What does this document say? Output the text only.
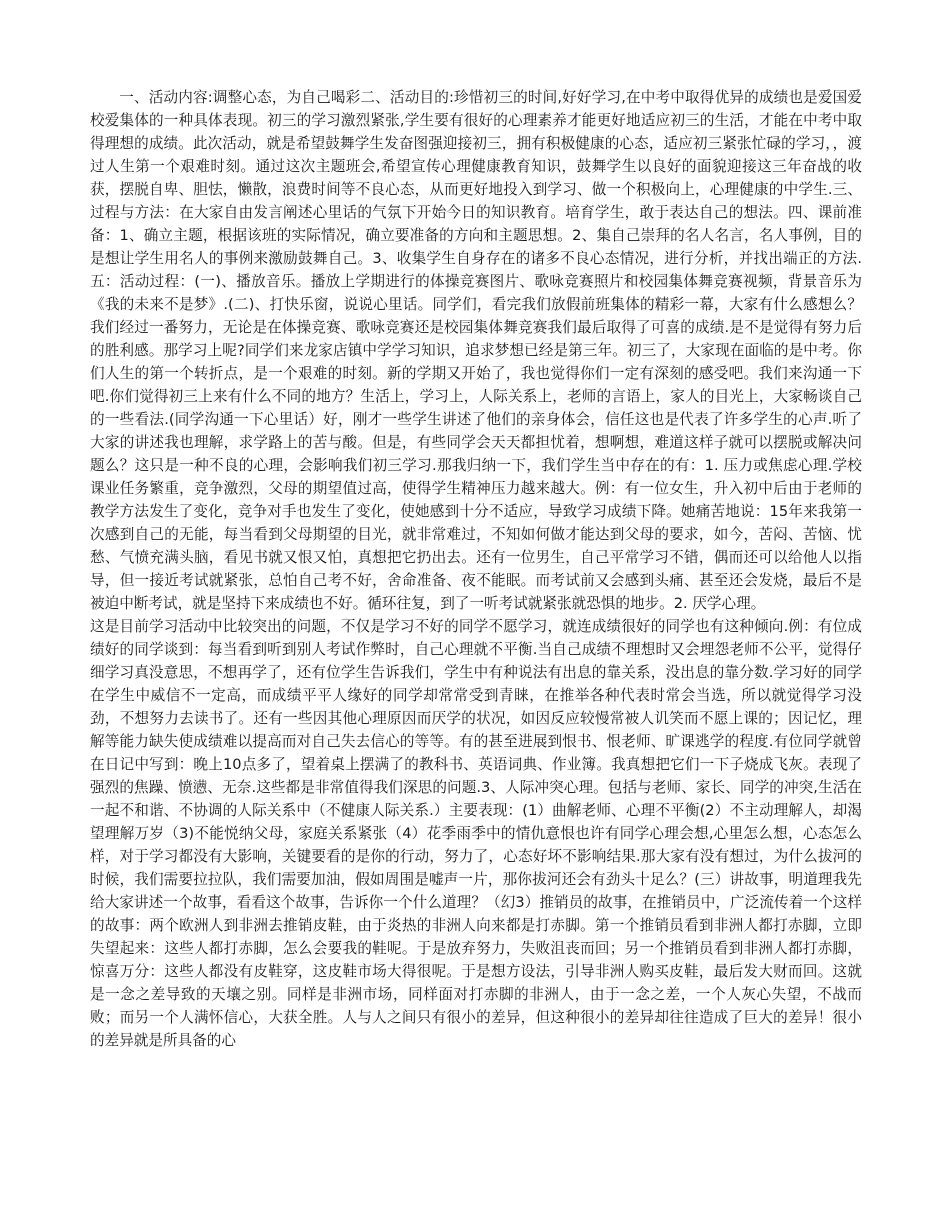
一、活动内容:调整心态，为自己喝彩二、活动目的:珍惜初三的时间,好好学习,在中考中取得优异的成绩也是爱国爱校爱集体的一种具体表现。初三的学习激烈紧张,学生要有很好的心理素养才能更好地适应初三的生活，才能在中考中取得理想的成绩。此次活动，就是希望鼓舞学生发奋图强迎接初三，拥有积极健康的心态，适应初三紧张忙碌的学习，，渡过人生第一个艰难时刻。通过这次主题班会,希望宣传心理健康教育知识，鼓舞学生以良好的面貌迎接这三年奋战的收获，摆脱自卑、胆怯，懒散，浪费时间等不良心态，从而更好地投入到学习、做一个积极向上，心理健康的中学生.三、过程与方法：在大家自由发言阐述心里话的气氛下开始今日的知识教育。培育学生，敢于表达自己的想法。四、课前准备：1、确立主题，根据该班的实际情况，确立要准备的方向和主题思想。2、集自己崇拜的名人名言，名人事例，目的是想让学生用名人的事例来激励鼓舞自己。3、收集学生自身存在的诸多不良心态情况，进行分析，并找出端正的方法.五：活动过程：(一)、播放音乐。播放上学期进行的体操竞赛图片、歌咏竞赛照片和校园集体舞竞赛视频，背景音乐为《我的未来不是梦》.(二)、打快乐窗，说说心里话。同学们，看完我们放假前班集体的精彩一幕，大家有什么感想么？我们经过一番努力，无论是在体操竞赛、歌咏竞赛还是校园集体舞竞赛我们最后取得了可喜的成绩.是不是觉得有努力后的胜利感。那学习上呢?同学们来龙家店镇中学学习知识，追求梦想已经是第三年。初三了，大家现在面临的是中考。你们人生的第一个转折点，是一个艰难的时刻。新的学期又开始了，我也觉得你们一定有深刻的感受吧。我们来沟通一下吧.你们觉得初三上来有什么不同的地方？生活上，学习上，人际关系上，老师的言语上，家人的目光上，大家畅谈自己的一些看法.(同学沟通一下心里话）好，刚才一些学生讲述了他们的亲身体会，信任这也是代表了许多学生的心声.听了大家的讲述我也理解，求学路上的苦与酸。但是，有些同学会天天都担忧着，想啊想，难道这样子就可以摆脱或解决问题么？这只是一种不良的心理，会影响我们初三学习.那我归纳一下，我们学生当中存在的有：1. 压力或焦虑心理.学校课业任务繁重，竞争激烈，父母的期望值过高，使得学生精神压力越来越大。例：有一位女生，升入初中后由于老师的教学方法发生了变化，竞争对手也发生了变化，使她感到十分不适应，导致学习成绩下降。她痛苦地说：15年来我第一次感到自己的无能，每当看到父母期望的目光，就非常难过，不知如何做才能达到父母的要求，如今，苦闷、苦恼、忧愁、气愤充满头脑，看见书就又恨又怕，真想把它扔出去。还有一位男生，自己平常学习不错，偶而还可以给他人以指导，但一接近考试就紧张，总怕自己考不好，舍命准备、夜不能眠。而考试前又会感到头痛、甚至还会发烧，最后不是被迫中断考试，就是坚持下来成绩也不好。循环往复，到了一听考试就紧张就恐惧的地步。2. 厌学心理。

这是目前学习活动中比较突出的问题，不仅是学习不好的同学不愿学习，就连成绩很好的同学也有这种倾向.例：有位成绩好的同学谈到：每当看到听到别人考试作弊时，自己心理就不平衡.当自己成绩不理想时又会埋怨老师不公平，觉得仔细学习真没意思，不想再学了，还有位学生告诉我们，学生中有种说法有出息的靠关系，没出息的靠分数.学习好的同学在学生中威信不一定高，而成绩平平人缘好的同学却常常受到青睐，在推举各种代表时常会当选，所以就觉得学习没劲，不想努力去读书了。还有一些因其他心理原因而厌学的状况，如因反应较慢常被人讥笑而不愿上课的；因记忆，理解等能力缺失使成绩难以提高而对自己失去信心的等等。有的甚至进展到恨书、恨老师、旷课逃学的程度.有位同学就曾在日记中写到：晚上10点多了，望着桌上摆满了的教科书、英语词典、作业簿。我真想把它们一下子烧成飞灰。表现了强烈的焦躁、愤懑、无奈.这些都是非常值得我们深思的问题.3、人际冲突心理。包括与老师、家长、同学的冲突,生活在一起不和谐、不协调的人际关系中（不健康人际关系.）主要表现：(1）曲解老师、心理不平衡(2）不主动理解人，却渴望理解万岁（3)不能悦纳父母，家庭关系紧张（4）花季雨季中的情仇意恨也许有同学心理会想,心里怎么想，心态怎么样，对于学习都没有大影响，关键要看的是你的行动，努力了，心态好坏不影响结果.那大家有没有想过，为什么拔河的时候，我们需要拉拉队，我们需要加油，假如周围是嘘声一片，那你拔河还会有劲头十足么？(三）讲故事，明道理我先给大家讲述一个故事，看看这个故事，告诉你一个什么道理？（幻3）推销员的故事，在推销员中，广泛流传着一个这样的故事：两个欧洲人到非洲去推销皮鞋，由于炎热的非洲人向来都是打赤脚。第一个推销员看到非洲人都打赤脚，立即失望起来：这些人都打赤脚，怎么会要我的鞋呢。于是放弃努力，失败沮丧而回；另一个推销员看到非洲人都打赤脚，惊喜万分：这些人都没有皮鞋穿，这皮鞋市场大得很呢。于是想方设法，引导非洲人购买皮鞋，最后发大财而回。这就是一念之差导致的天壤之别。同样是非洲市场，同样面对打赤脚的非洲人，由于一念之差，一个人灰心失望，不战而败；而另一个人满怀信心，大获全胜。人与人之间只有很小的差异，但这种很小的差异却往往造成了巨大的差异！很小的差异就是所具备的心
